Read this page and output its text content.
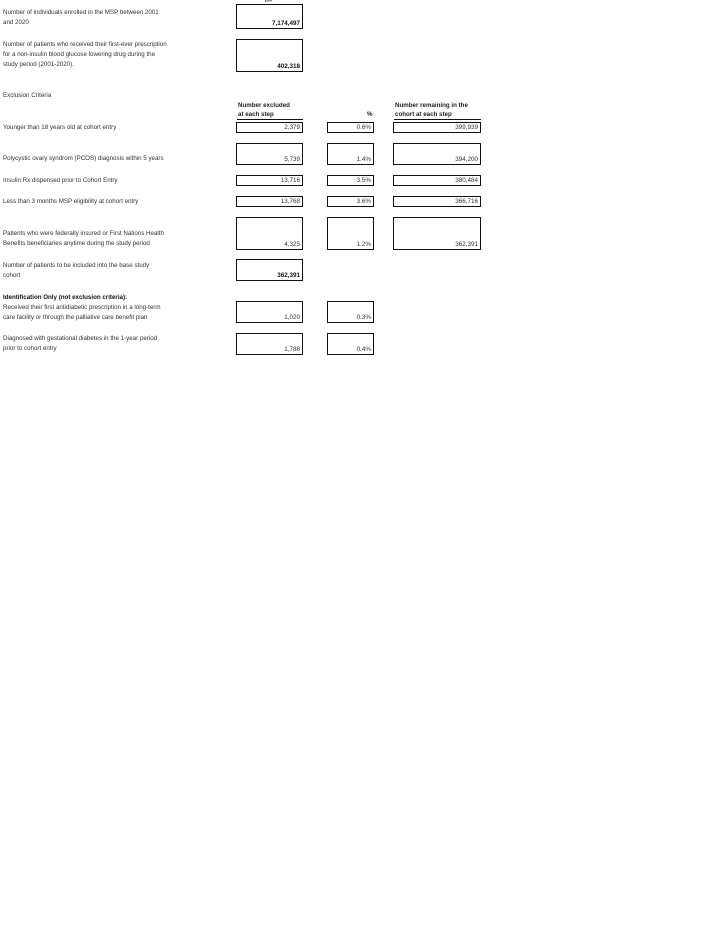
n=
Number of individuals enrolled in the MSP between 2001
and 2020	7,174,497
Number of patients who received their first-ever prescription
for a non-insulin blood glucose lowering drug during the
study period (2001-2020).	402,318
Exclusion Criteria
Number excluded
at each step	%
Number remaining in the
cohort at each step
Younger than 18 years old at cohort entry	2,379	0.6%	399,939
Polycystic ovary syndrom (PCOS) diagnosis within 5 years	5,739	1.4%	394,200
Insulin Rx dispensed prior to Cohort Entry	13,716	3.5%	380,484
Less than 3 months MSP eligibility at cohort entry	13,768	3.6%	366,716
Patients who were federally insured or First Nations Health
Benefits beneficiaries anytime during the study period	4,325	1.2%	362,391
Number of patients to be included into the base study
cohort	362,391
Identification Only (not exclusion criteria):
Received their first antidiabetic prescription in a long-term
care facility or through the palliative care benefit plan	1,020	0.3%
Diagnosed with gestational diabetes in the 1-year period
prior to cohort entry	1,788	0.4%
